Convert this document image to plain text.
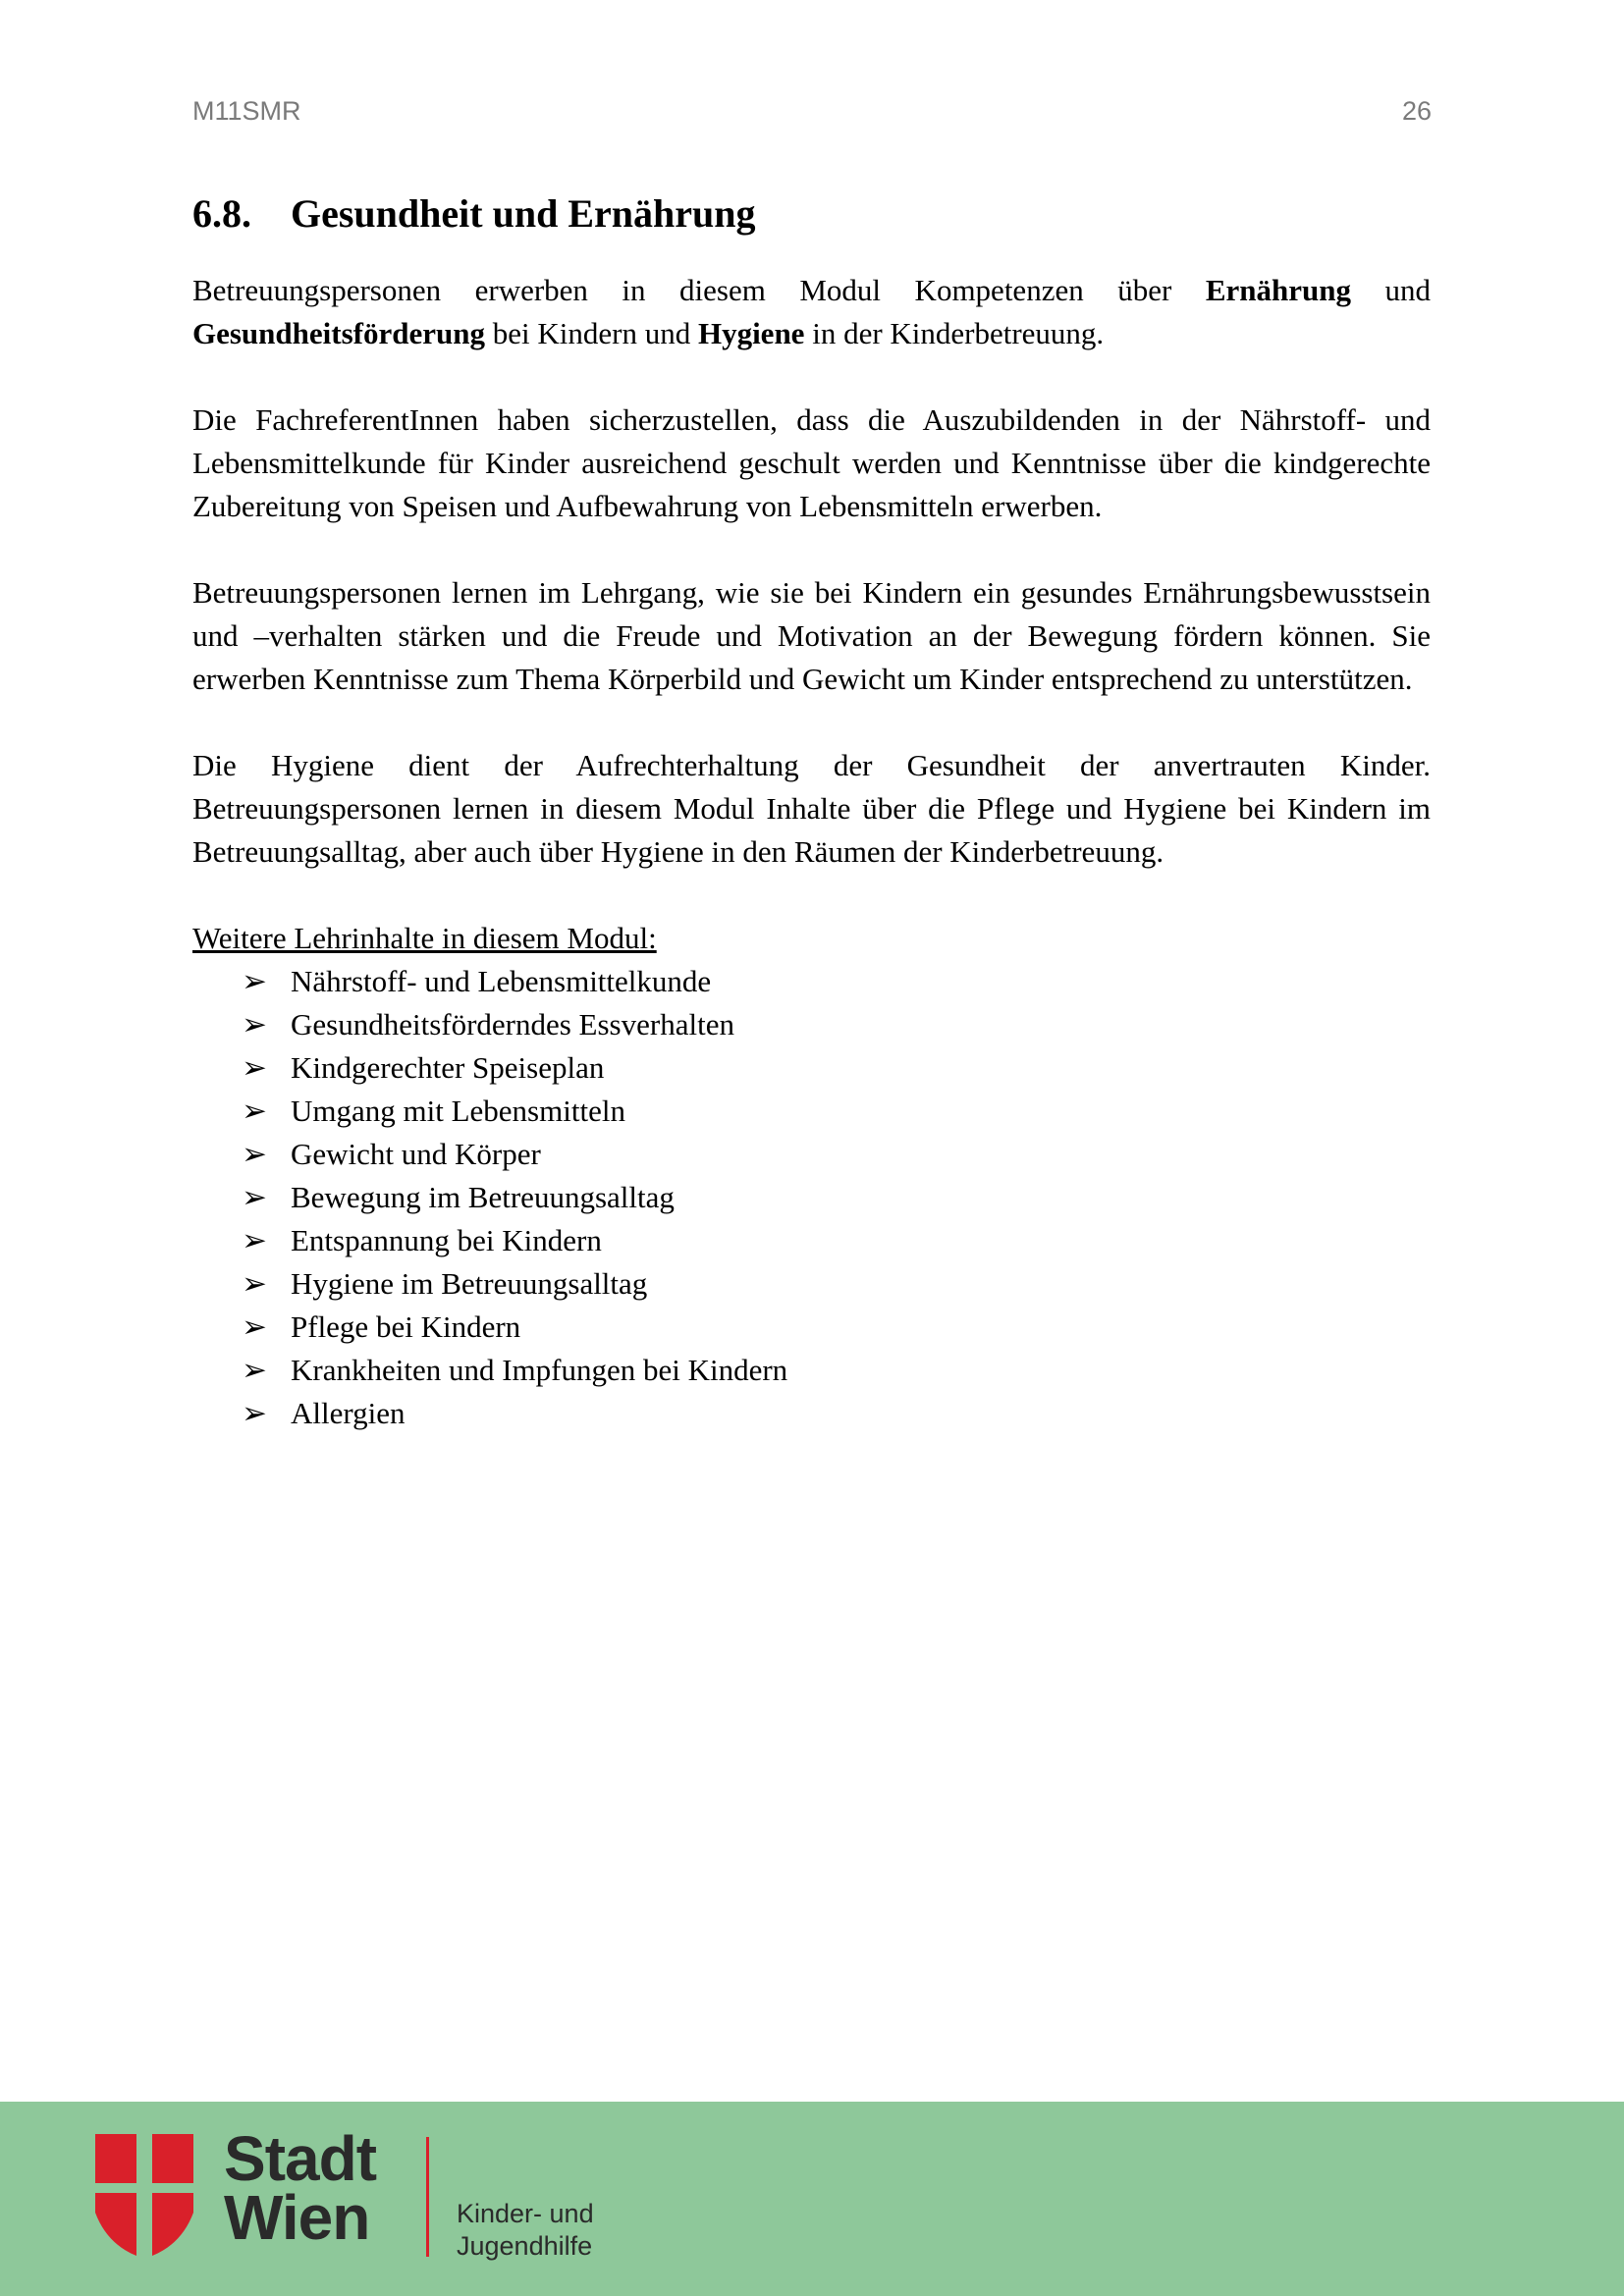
M11SMR	26
6.8.	Gesundheit und Ernährung

Betreuungspersonen erwerben in diesem Modul Kompetenzen über Ernährung und Gesundheitsförderung bei Kindern und Hygiene in der Kinderbetreuung.

Die FachreferentInnen haben sicherzustellen, dass die Auszubildenden in der Nährstoff- und Lebensmittelkunde für Kinder ausreichend geschult werden und Kenntnisse über die kindgerechte Zubereitung von Speisen und Aufbewahrung von Lebensmitteln erwerben.

Betreuungspersonen lernen im Lehrgang, wie sie bei Kindern ein gesundes Ernährungsbewusstsein und –verhalten stärken und die Freude und Motivation an der Bewegung fördern können. Sie erwerben Kenntnisse zum Thema Körperbild und Gewicht um Kinder entsprechend zu unterstützen.

Die Hygiene dient der Aufrechterhaltung der Gesundheit der anvertrauten Kinder. Betreuungspersonen lernen in diesem Modul Inhalte über die Pflege und Hygiene bei Kindern im Betreuungsalltag, aber auch über Hygiene in den Räumen der Kinderbetreuung.

Weitere Lehrinhalte in diesem Modul:
➢ Nährstoff- und Lebensmittelkunde
➢ Gesundheitsförderndes Essverhalten
➢ Kindgerechter Speiseplan
➢ Umgang mit Lebensmitteln
➢ Gewicht und Körper
➢ Bewegung im Betreuungsalltag
➢ Entspannung bei Kindern
➢ Hygiene im Betreuungsalltag
➢ Pflege bei Kindern
➢ Krankheiten und Impfungen bei Kindern
➢ Allergien
Stadt
Wien	Kinder- und
Jugendhilfe
